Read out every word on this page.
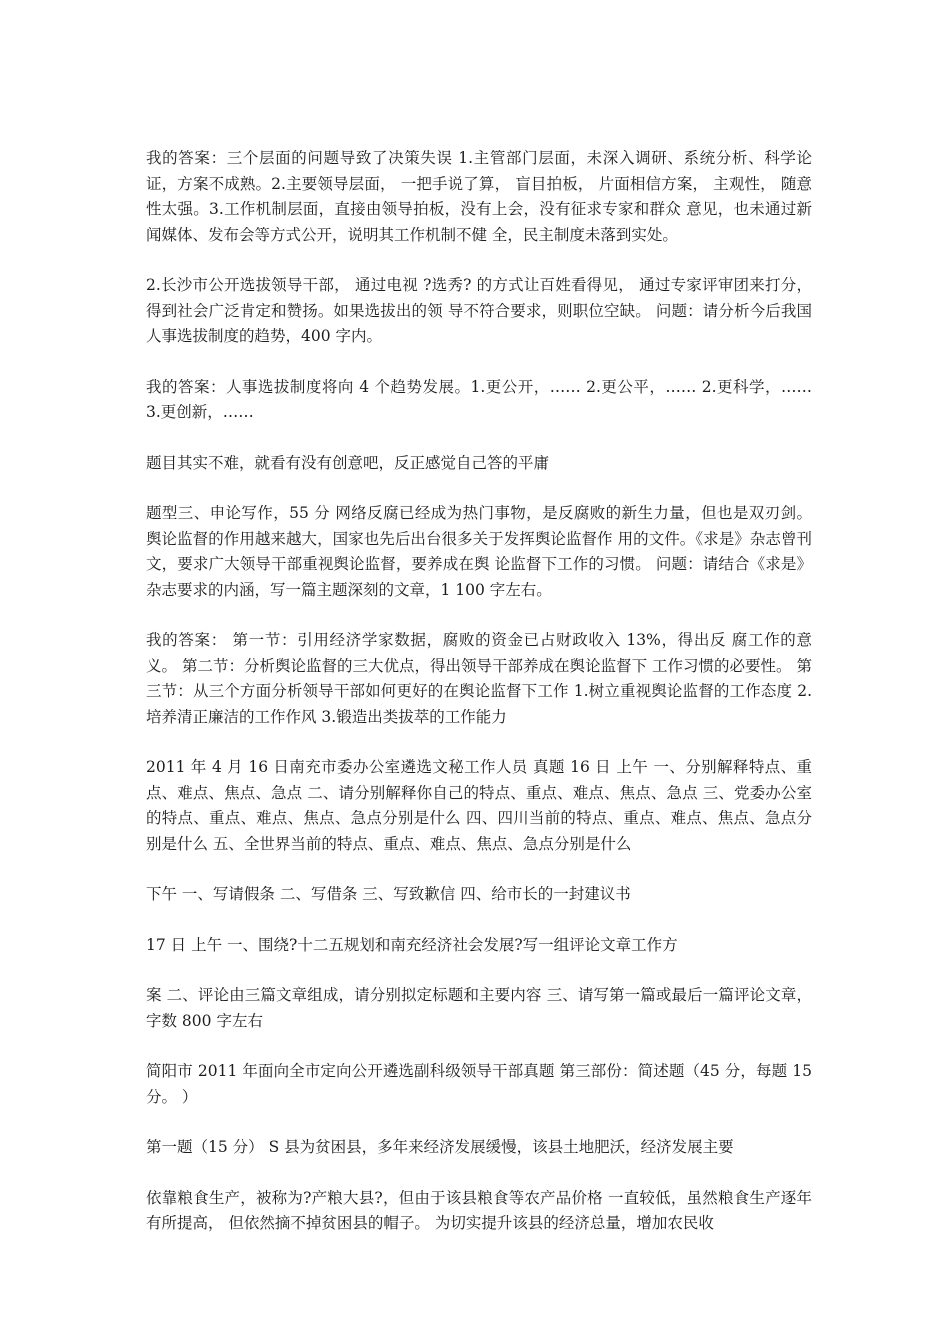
我的答案：三个层面的问题导致了决策失误 1.主管部门层面，未深入调研、系统分析、科学论证，方案不成熟。2.主要领导层面， 一把手说了算， 盲目拍板， 片面相信方案， 主观性， 随意性太强。3.工作机制层面，直接由领导拍板，没有上会，没有征求专家和群众 意见，也未通过新闻媒体、发布会等方式公开，说明其工作机制不健 全，民主制度未落到实处。

2.长沙市公开选拔领导干部， 通过电视 ?选秀? 的方式让百姓看得见， 通过专家评审团来打分，得到社会广泛肯定和赞扬。如果选拔出的领 导不符合要求，则职位空缺。 问题：请分析今后我国人事选拔制度的趋势，400 字内。

我的答案：人事选拔制度将向 4 个趋势发展。1.更公开，…… 2.更公平，…… 2.更科学，…… 3.更创新，……

题目其实不难，就看有没有创意吧，反正感觉自己答的平庸

题型三、申论写作，55 分 网络反腐已经成为热门事物，是反腐败的新生力量，但也是双刃剑。 舆论监督的作用越来越大，国家也先后出台很多关于发挥舆论监督作 用的文件。《求是》杂志曾刊文，要求广大领导干部重视舆论监督，要养成在舆 论监督下工作的习惯。 问题：请结合《求是》杂志要求的内涵，写一篇主题深刻的文章，1 100 字左右。

我的答案： 第一节：引用经济学家数据，腐败的资金已占财政收入 13%，得出反 腐工作的意义。 第二节：分析舆论监督的三大优点，得出领导干部养成在舆论监督下 工作习惯的必要性。 第三节：从三个方面分析领导干部如何更好的在舆论监督下工作 1.树立重视舆论监督的工作态度 2.培养清正廉洁的工作作风 3.锻造出类拔萃的工作能力

2011 年 4 月 16 日南充市委办公室遴选文秘工作人员 真题 16 日 上午 一、分别解释特点、重点、难点、焦点、急点 二、请分别解释你自己的特点、重点、难点、焦点、急点 三、党委办公室的特点、重点、难点、焦点、急点分别是什么 四、四川当前的特点、重点、难点、焦点、急点分别是什么 五、全世界当前的特点、重点、难点、焦点、急点分别是什么

下午 一、写请假条 二、写借条 三、写致歉信 四、给市长的一封建议书

17 日 上午 一、围绕?十二五规划和南充经济社会发展?写一组评论文章工作方

案 二、评论由三篇文章组成，请分别拟定标题和主要内容 三、请写第一篇或最后一篇评论文章，字数 800 字左右

简阳市 2011 年面向全市定向公开遴选副科级领导干部真题 第三部份：简述题（45 分，每题 15 分。 ）

第一题（15 分） S 县为贫困县，多年来经济发展缓慢，该县土地肥沃，经济发展主要

依靠粮食生产，被称为?产粮大县?，但由于该县粮食等农产品价格 一直较低，虽然粮食生产逐年有所提高， 但依然摘不掉贫困县的帽子。 为切实提升该县的经济总量，增加农民收
